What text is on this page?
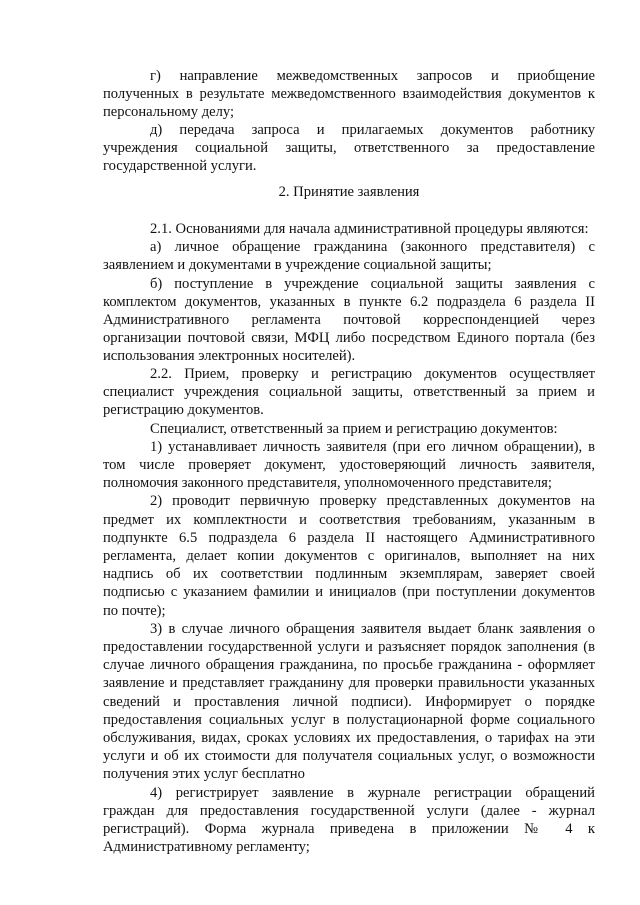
г) направление межведомственных запросов и приобщение

полученных в результате межведомственного взаимодействия документов к

персональному делу;

д) передача запроса и прилагаемых документов работнику

учреждения социальной защиты, ответственного за предоставление

государственной услуги.

2. Принятие заявления

2.1. Основаниями для начала административной процедуры являются:

а) личное обращение гражданина (законного представителя) с

заявлением и документами в учреждение социальной защиты;

б) поступление в учреждение социальной защиты заявления с

комплектом документов, указанных в пункте 6.2 подраздела 6 раздела II

Административного регламента почтовой корреспонденцией через

организации почтовой связи, МФЦ либо посредством Единого портала (без

использования электронных носителей).

2.2. Прием, проверку и регистрацию документов осуществляет

специалист учреждения социальной защиты, ответственный за прием и

регистрацию документов.

Специалист, ответственный за прием и регистрацию документов:

1) устанавливает личность заявителя (при его личном обращении), в

том числе проверяет документ, удостоверяющий личность заявителя,

полномочия законного представителя, уполномоченного представителя;

2) проводит первичную проверку представленных документов на

предмет их комплектности и соответствия требованиям, указанным в

подпункте 6.5 подраздела 6 раздела II настоящего Административного

регламента, делает копии документов с оригиналов, выполняет на них

надпись об их соответствии подлинным экземплярам, заверяет своей

подписью с указанием фамилии и инициалов (при поступлении документов

по почте);

3) в случае личного обращения заявителя выдает бланк заявления о

предоставлении государственной услуги и разъясняет порядок заполнения (в

случае личного обращения гражданина, по просьбе гражданина - оформляет

заявление и представляет гражданину для проверки правильности указанных

сведений и проставления личной подписи). Информирует о порядке

предоставления социальных услуг в полустационарной форме социального

обслуживания, видах, сроках условиях их предоставления, о тарифах на эти

услуги и об их стоимости для получателя социальных услуг, о возможности

получения этих услуг бесплатно

4) регистрирует заявление в журнале регистрации обращений

граждан для предоставления государственной услуги (далее - журнал

регистраций). Форма журнала приведена в приложении № 4 к

Административному регламенту;
